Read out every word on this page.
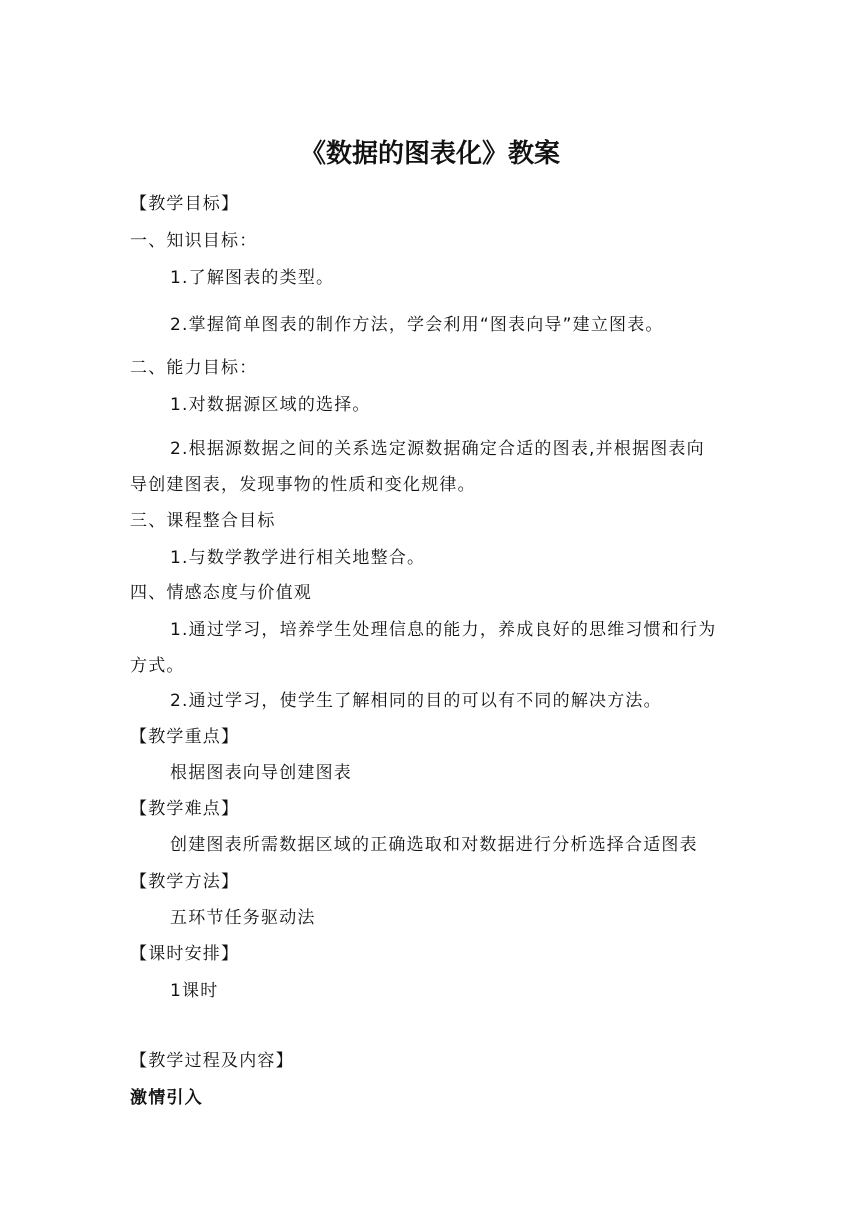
《数据的图表化》教案
【教学目标】
一、知识目标：
1.了解图表的类型。
2.掌握简单图表的制作方法，学会利用“图表向导”建立图表。
二、能力目标：
1.对数据源区域的选择。
2.根据源数据之间的关系选定源数据确定合适的图表,并根据图表向
导创建图表，发现事物的性质和变化规律。
三、课程整合目标
1.与数学教学进行相关地整合。
四、情感态度与价值观
1.通过学习，培养学生处理信息的能力，养成良好的思维习惯和行为
方式。
2.通过学习，使学生了解相同的目的可以有不同的解决方法。
【教学重点】
根据图表向导创建图表
【教学难点】
创建图表所需数据区域的正确选取和对数据进行分析选择合适图表
【教学方法】
五环节任务驱动法
【课时安排】
1课时
【教学过程及内容】
激情引入
